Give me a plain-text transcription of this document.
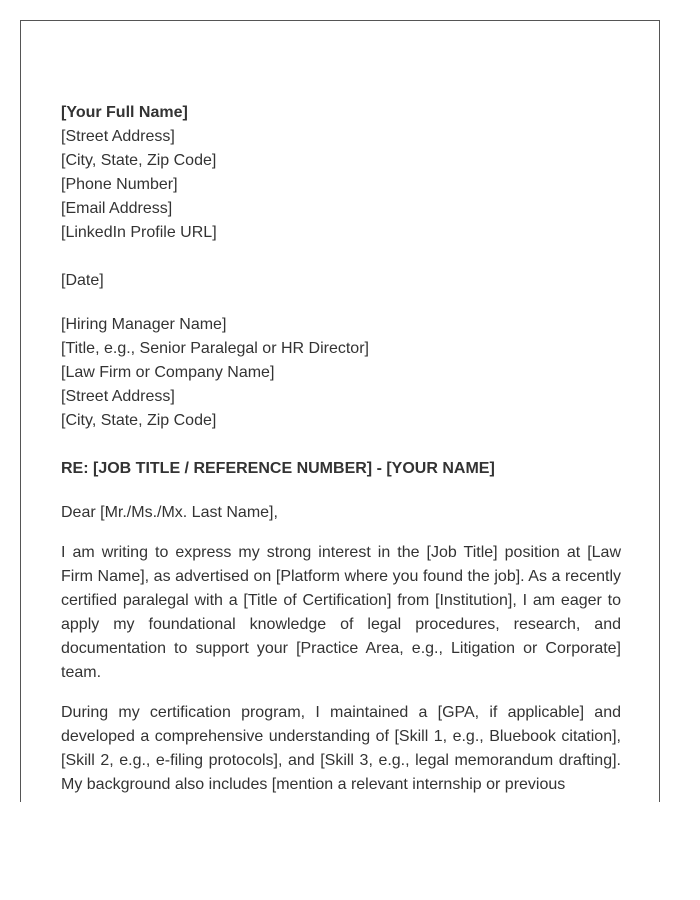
[Your Full Name]
[Street Address]
[City, State, Zip Code]
[Phone Number]
[Email Address]
[LinkedIn Profile URL]
[Date]
[Hiring Manager Name]
[Title, e.g., Senior Paralegal or HR Director]
[Law Firm or Company Name]
[Street Address]
[City, State, Zip Code]
RE: [JOB TITLE / REFERENCE NUMBER] - [YOUR NAME]
Dear [Mr./Ms./Mx. Last Name],

I am writing to express my strong interest in the [Job Title] position at [Law Firm Name], as advertised on [Platform where you found the job]. As a recently certified paralegal with a [Title of Certification] from [Institution], I am eager to apply my foundational knowledge of legal procedures, research, and documentation to support your [Practice Area, e.g., Litigation or Corporate] team.

During my certification program, I maintained a [GPA, if applicable] and developed a comprehensive understanding of [Skill 1, e.g., Bluebook citation], [Skill 2, e.g., e-filing protocols], and [Skill 3, e.g., legal memorandum drafting]. My background also includes [mention a relevant internship or previous
